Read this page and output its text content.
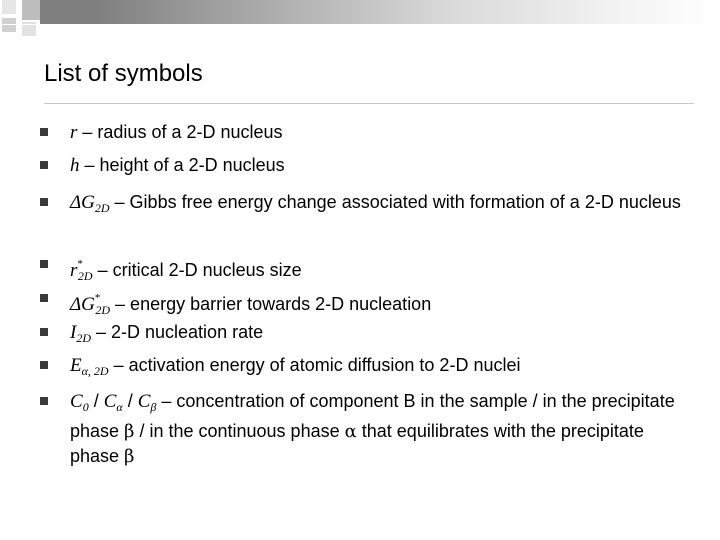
List of symbols
r – radius of a 2-D nucleus
h – height of a 2-D nucleus
$\Delta G_{2D}$ – Gibbs free energy change associated with formation of a 2-D nucleus
$r^*_{2D}$ – critical 2-D nucleus size
$\Delta G^*_{2D}$ – energy barrier towards 2-D nucleation
$I_{2D} - 2-D$ nucleation rate
$E_{\alpha, 2D}$ – activation energy of atomic diffusion to 2-D nuclei
$C_0 / C_\alpha / C_\beta$ – concentration of component B in the sample / in the precipitate phase β / in the continuous phase α that equilibrates with the precipitate phase β
